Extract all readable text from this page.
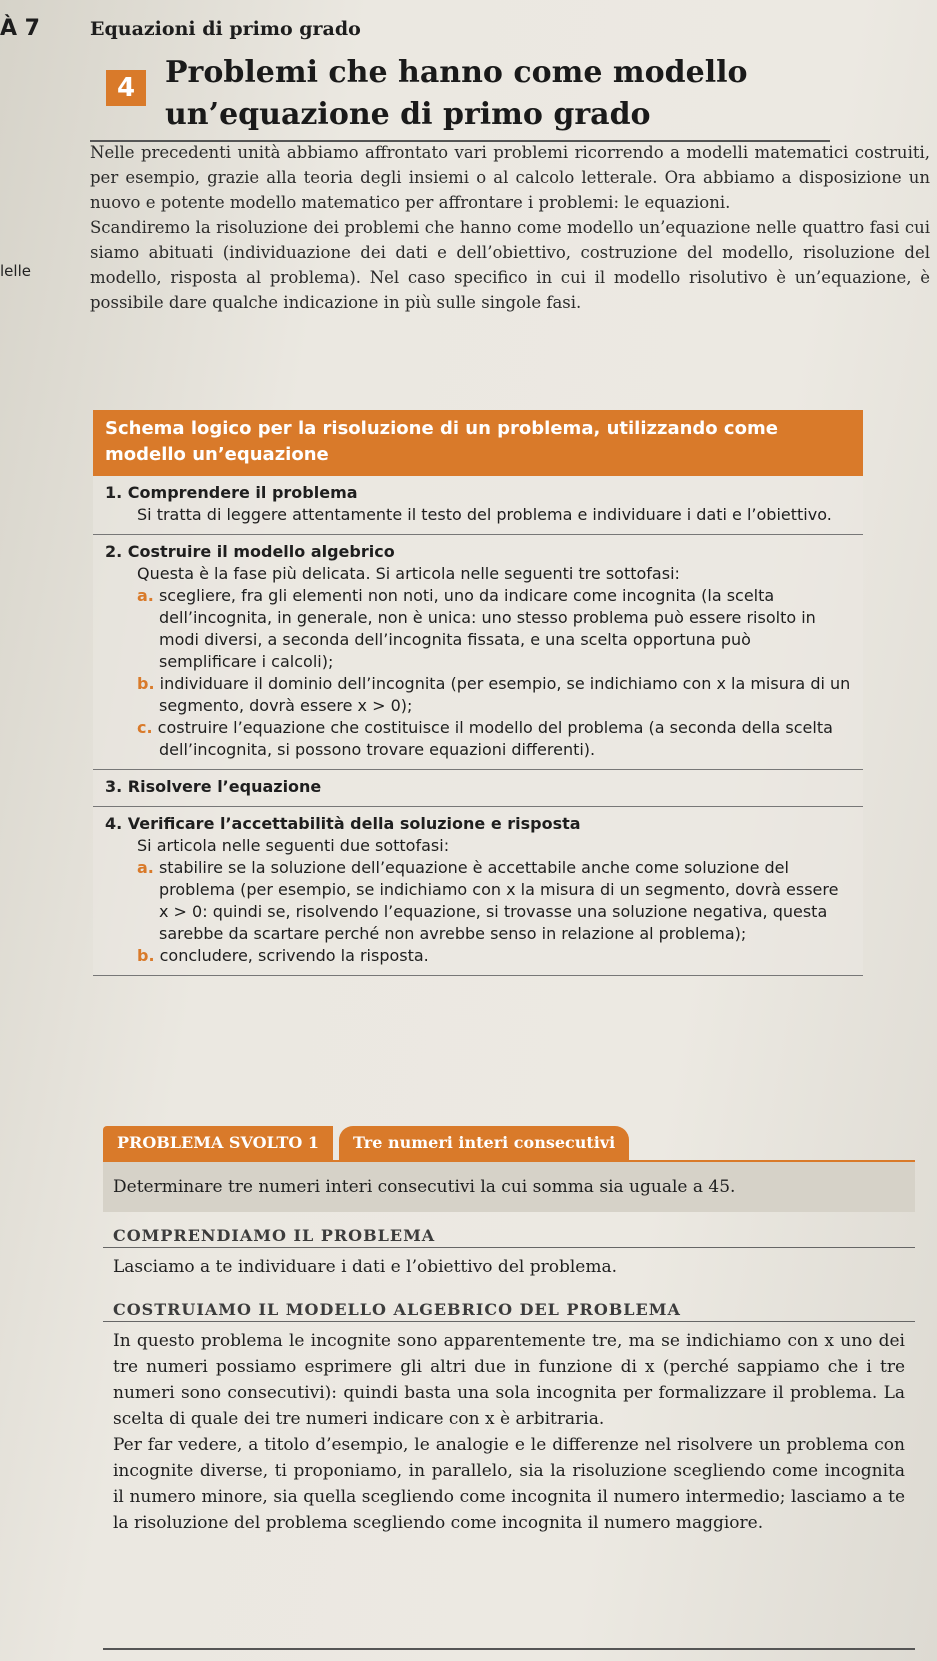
À 7	Equazioni di primo grado
4 Problemi che hanno come modello un’equazione di primo grado
lelle

Nelle precedenti unità abbiamo affrontato vari problemi ricorrendo a modelli matematici costruiti, per esempio, grazie alla teoria degli insiemi o al calcolo letterale. Ora abbiamo a disposizione un nuovo e potente modello matematico per affrontare i problemi: le equazioni.

Scandiremo la risoluzione dei problemi che hanno come modello un’equazione nelle quattro fasi cui siamo abituati (individuazione dei dati e dell’obiettivo, costruzione del modello, risoluzione del modello, risposta al problema). Nel caso specifico in cui il modello risolutivo è un’equazione, è possibile dare qualche indicazione in più sulle singole fasi.

Schema logico per la risoluzione di un problema, utilizzando come modello un’equazione
1. Comprendere il problema
Si tratta di leggere attentamente il testo del problema e individuare i dati e l’obiettivo.
2. Costruire il modello algebrico
Questa è la fase più delicata. Si articola nelle seguenti tre sottofasi:
a. scegliere, fra gli elementi non noti, uno da indicare come incognita (la scelta dell’incognita, in generale, non è unica: uno stesso problema può essere risolto in modi diversi, a seconda dell’incognita fissata, e una scelta opportuna può semplificare i calcoli);
b. individuare il dominio dell’incognita (per esempio, se indichiamo con x la misura di un segmento, dovrà essere x > 0);
c. costruire l’equazione che costituisce il modello del problema (a seconda della scelta dell’incognita, si possono trovare equazioni differenti).
3. Risolvere l’equazione
4. Verificare l’accettabilità della soluzione e risposta
Si articola nelle seguenti due sottofasi:
a. stabilire se la soluzione dell’equazione è accettabile anche come soluzione del problema (per esempio, se indichiamo con x la misura di un segmento, dovrà essere x > 0: quindi se, risolvendo l’equazione, si trovasse una soluzione negativa, questa sarebbe da scartare perché non avrebbe senso in relazione al problema);
b. concludere, scrivendo la risposta.
PROBLEMA SVOLTO 1	Tre numeri interi consecutivi
Determinare tre numeri interi consecutivi la cui somma sia uguale a 45.
COMPRENDIAMO IL PROBLEMA
Lasciamo a te individuare i dati e l’obiettivo del problema.
COSTRUIAMO IL MODELLO ALGEBRICO DEL PROBLEMA
In questo problema le incognite sono apparentemente tre, ma se indichiamo con x uno dei tre numeri possiamo esprimere gli altri due in funzione di x (perché sappiamo che i tre numeri sono consecutivi): quindi basta una sola incognita per formalizzare il problema. La scelta di quale dei tre numeri indicare con x è arbitraria.
Per far vedere, a titolo d’esempio, le analogie e le differenze nel risolvere un problema con incognite diverse, ti proponiamo, in parallelo, sia la risoluzione scegliendo come incognita il numero minore, sia quella scegliendo come incognita il numero intermedio; lasciamo a te la risoluzione del problema scegliendo come incognita il numero maggiore.
